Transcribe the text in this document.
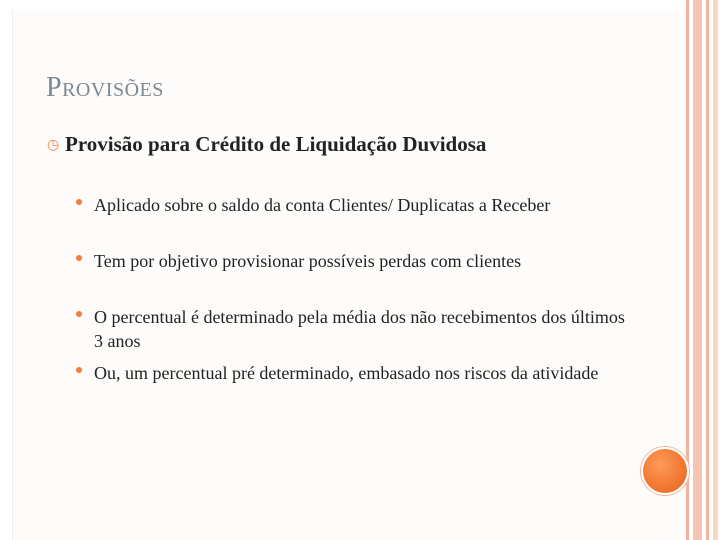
Provisões
◷ Provisão para Crédito de Liquidação Duvidosa
Aplicado sobre o saldo da conta Clientes/ Duplicatas a Receber
Tem por objetivo provisionar possíveis perdas com clientes
O percentual é determinado pela média dos não recebimentos dos últimos 3 anos
Ou, um percentual pré determinado, embasado nos riscos da atividade
